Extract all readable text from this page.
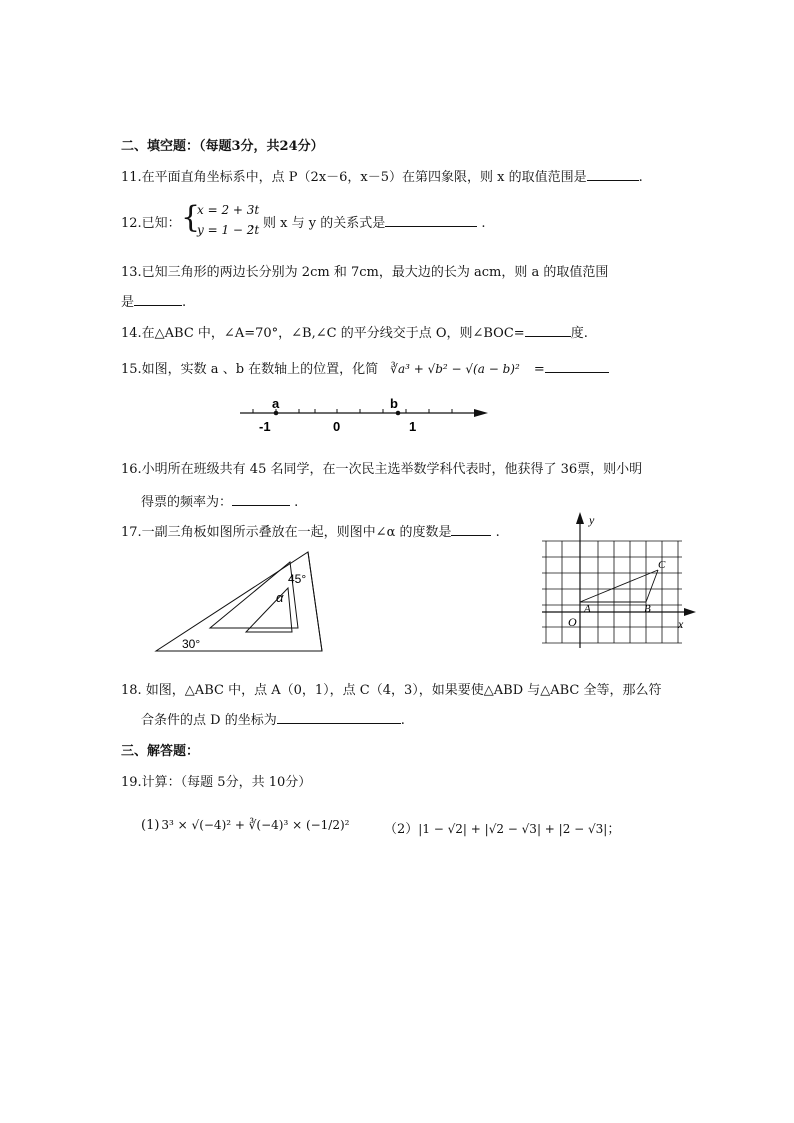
二、填空题：（每题3分，共24分）
11.在平面直角坐标系中，点 P（2x－6，x－5）在第四象限，则 x 的取值范围是	.
12.已知： {
x = 2 + 3t
y = 1 − 2t
，则 x 与 y 的关系式是	.
13.已知三角形的两边长分别为 2cm 和 7cm，最大边的长为 acm，则 a 的取值范围
是	.
14.在△ABC 中，∠A=70°，∠B,∠C 的平分线交于点 O，则∠BOC=	度.
15.如图，实数 a 、b 在数轴上的位置，化简 ∛a³ + √b² − √(a − b)² =
a	b
-1	0	1
16.小明所在班级共有 45 名同学，在一次民主选举数学科代表时，他获得了 36票，则小明
得票的频率为：	.
17.一副三角板如图所示叠放在一起，则图中∠α 的度数是	.
45°
30°
α
y
x
C
A	B
O
18. 如图，△ABC 中，点 A（0，1），点 C（4，3），如果要使△ABD 与△ABC 全等，那么符
合条件的点 D 的坐标为	.
三、解答题：
19.计算：（每题 5分，共 10分）
(1) 3³ × √(−4)² + ∛(−4)³ × (−1/2)²	（2）|1 − √2| + |√2 − √3| + |2 − √3|；
